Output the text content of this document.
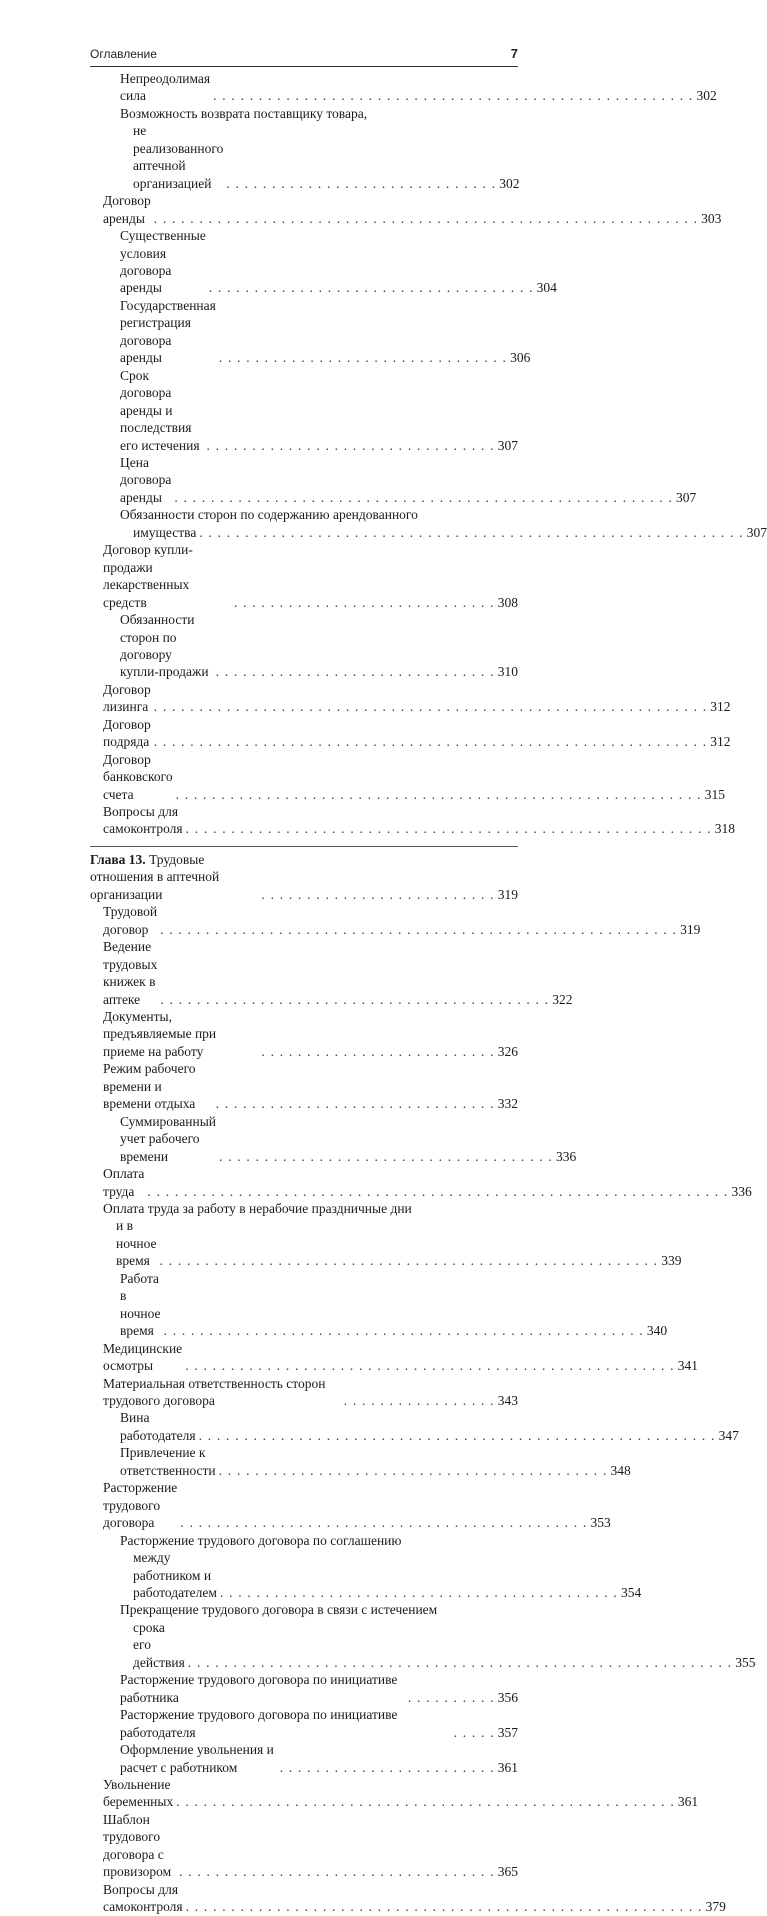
Оглавление	7
Непреодолимая сила	. . . . . . . . . . . . . . . . . . . . . . . . . . . . . . . . . . . . . . . . . . . . . . . . . . . . . 302
Возможность возврата поставщику товара,
не реализованного аптечной организацией	. . . . . . . . . . . . . . . . . . . . . . . . . . . . . . 302
Договор аренды . . . . . . . . . . . . . . . . . . . . . . . . . . . . . . . . . . . . . . . . . . . . . . . . . . . . . . . . . . . . 303
Существенные условия договора аренды	. . . . . . . . . . . . . . . . . . . . . . . . . . . . . . . . . . . . 304
Государственная регистрация договора аренды	. . . . . . . . . . . . . . . . . . . . . . . . . . . . . . . . 306
Срок договора аренды и последствия его истечения . . . . . . . . . . . . . . . . . . . . . . . . . . . . . . . . 307
Цена договора аренды . . . . . . . . . . . . . . . . . . . . . . . . . . . . . . . . . . . . . . . . . . . . . . . . . . . . . . . 307
Обязанности сторон по содержанию арендованного
имущества . . . . . . . . . . . . . . . . . . . . . . . . . . . . . . . . . . . . . . . . . . . . . . . . . . . . . . . . . . . . 307
Договор купли-продажи лекарственных средств	. . . . . . . . . . . . . . . . . . . . . . . . . . . . . 308
Обязанности сторон по договору купли-продажи . . . . . . . . . . . . . . . . . . . . . . . . . . . . . . . 310
Договор лизинга . . . . . . . . . . . . . . . . . . . . . . . . . . . . . . . . . . . . . . . . . . . . . . . . . . . . . . . . . . . . . 312
Договор подряда . . . . . . . . . . . . . . . . . . . . . . . . . . . . . . . . . . . . . . . . . . . . . . . . . . . . . . . . . . . . . 312
Договор банковского счета	. . . . . . . . . . . . . . . . . . . . . . . . . . . . . . . . . . . . . . . . . . . . . . . . . . . . . . . . . . 315
Вопросы для самоконтроля . . . . . . . . . . . . . . . . . . . . . . . . . . . . . . . . . . . . . . . . . . . . . . . . . . . . . . . . . . 318
Глава 13. Трудовые отношения в аптечной организации	. . . . . . . . . . . . . . . . . . . . . . . . . . 319
Трудовой договор . . . . . . . . . . . . . . . . . . . . . . . . . . . . . . . . . . . . . . . . . . . . . . . . . . . . . . . . . 319
Ведение трудовых книжек в аптеке	. . . . . . . . . . . . . . . . . . . . . . . . . . . . . . . . . . . . . . . . . . . 322
Документы, предъявляемые при приеме на работу	. . . . . . . . . . . . . . . . . . . . . . . . . . 326
Режим рабочего времени и времени отдыха	. . . . . . . . . . . . . . . . . . . . . . . . . . . . . . . 332
Суммированный учет рабочего времени	. . . . . . . . . . . . . . . . . . . . . . . . . . . . . . . . . . . . . 336
Оплата труда . . . . . . . . . . . . . . . . . . . . . . . . . . . . . . . . . . . . . . . . . . . . . . . . . . . . . . . . . . . . . . . . 336
Оплата труда за работу в нерабочие праздничные дни
и в ночное время . . . . . . . . . . . . . . . . . . . . . . . . . . . . . . . . . . . . . . . . . . . . . . . . . . . . . . . 339
Работа в ночное время . . . . . . . . . . . . . . . . . . . . . . . . . . . . . . . . . . . . . . . . . . . . . . . . . . . . . 340
Медицинские осмотры	. . . . . . . . . . . . . . . . . . . . . . . . . . . . . . . . . . . . . . . . . . . . . . . . . . . . . . 341
Материальная ответственность сторон трудового договора	. . . . . . . . . . . . . . . . . 343
Вина работодателя . . . . . . . . . . . . . . . . . . . . . . . . . . . . . . . . . . . . . . . . . . . . . . . . . . . . . . . . . 347
Привлечение к ответственности . . . . . . . . . . . . . . . . . . . . . . . . . . . . . . . . . . . . . . . . . . . 348
Расторжение трудового договора	. . . . . . . . . . . . . . . . . . . . . . . . . . . . . . . . . . . . . . . . . . . . . 353
Расторжение трудового договора по соглашению
между работником и работодателем . . . . . . . . . . . . . . . . . . . . . . . . . . . . . . . . . . . . . . . . . . . . 354
Прекращение трудового договора в связи с истечением
срока его действия . . . . . . . . . . . . . . . . . . . . . . . . . . . . . . . . . . . . . . . . . . . . . . . . . . . . . . . . . . . . 355
Расторжение трудового договора по инициативе работника	. . . . . . . . . . 356
Расторжение трудового договора по инициативе работодателя	. . . . . 357
Оформление увольнения и расчет с работником	. . . . . . . . . . . . . . . . . . . . . . . . 361
Увольнение беременных . . . . . . . . . . . . . . . . . . . . . . . . . . . . . . . . . . . . . . . . . . . . . . . . . . . . . . . 361
Шаблон трудового договора с провизором . . . . . . . . . . . . . . . . . . . . . . . . . . . . . . . . . . . 365
Вопросы для самоконтроля . . . . . . . . . . . . . . . . . . . . . . . . . . . . . . . . . . . . . . . . . . . . . . . . . . . . . . . . . 379
